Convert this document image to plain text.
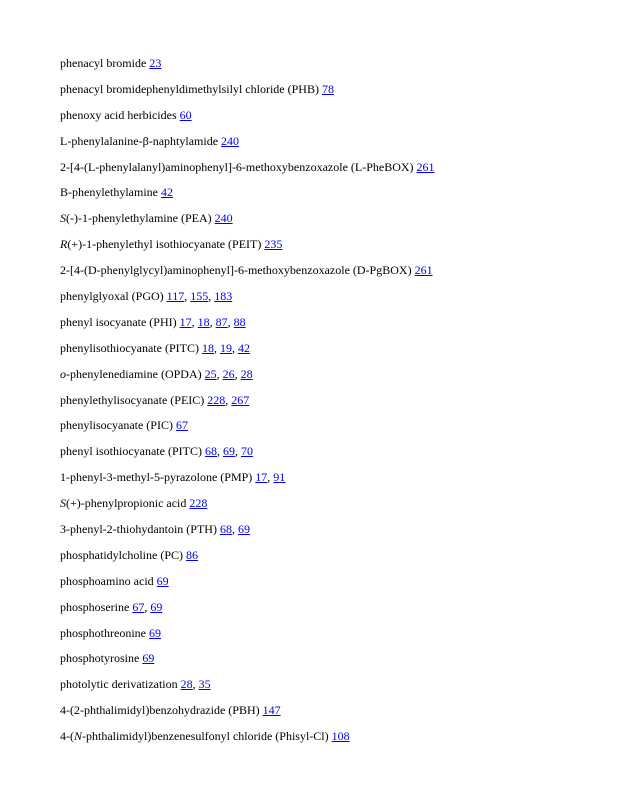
phenacyl bromide 23
phenacyl bromidephenyldimethylsilyl chloride (PHB) 78
phenoxy acid herbicides 60
L-phenylalanine-β-naphtylamide 240
2-[4-(L-phenylalanyl)aminophenyl]-6-methoxybenzoxazole (L-PheBOX) 261
Β-phenylethylamine 42
S(-)-1-phenylethylamine (PEA) 240
R(+)-1-phenylethyl isothiocyanate (PEIT) 235
2-[4-(D-phenylglycyl)aminophenyl]-6-methoxybenzoxazole (D-PgBOX) 261
phenylglyoxal (PGO) 117, 155, 183
phenyl isocyanate (PHI) 17, 18, 87, 88
phenylisothiocyanate (PITC) 18, 19, 42
o-phenylenediamine (OPDA) 25, 26, 28
phenylethylisocyanate (PEIC) 228, 267
phenylisocyanate (PIC) 67
phenyl isothiocyanate (PITC) 68, 69, 70
1-phenyl-3-methyl-5-pyrazolone (PMP) 17, 91
S(+)-phenylpropionic acid 228
3-phenyl-2-thiohydantoin (PTH) 68, 69
phosphatidylcholine (PC) 86
phosphoamino acid 69
phosphoserine 67, 69
phosphothreonine 69
phosphotyrosine 69
photolytic derivatization 28, 35
4-(2-phthalimidyl)benzohydrazide (PBH) 147
4-(N-phthalimidyl)benzenesulfonyl chloride (Phisyl-Cl) 108
